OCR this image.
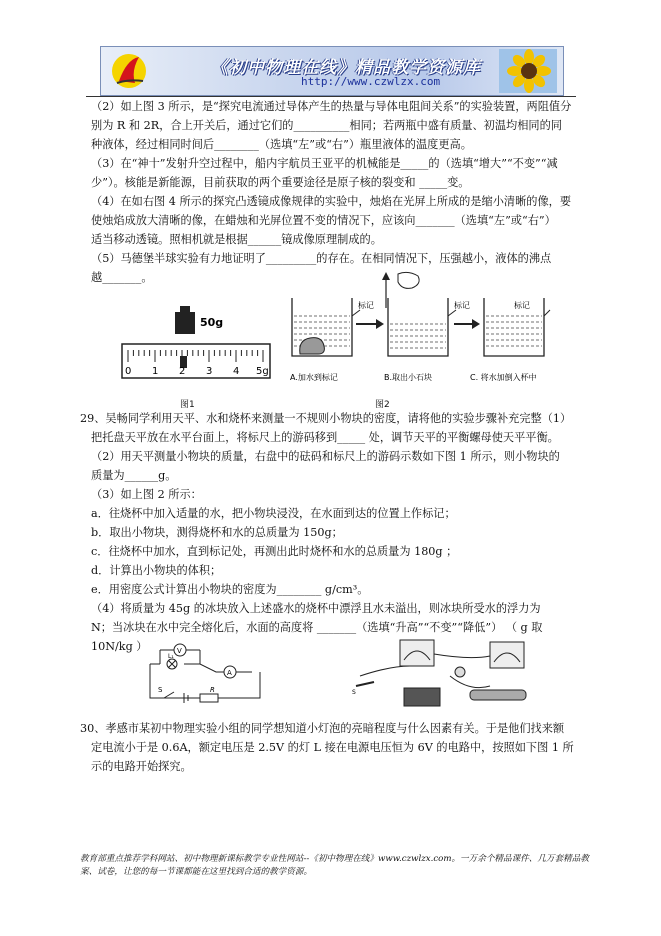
《初中物理在线》精品教学资源库
http://www.czwlzx.com
（2）如上图 3 所示，是“探究电流通过导体产生的热量与导体电阻间关系”的实验装置，两阻值分
别为 R 和 2R，合上开关后，通过它们的__________相同；若两瓶中盛有质量、初温均相同的同
种液体，经过相同时间后________（选填“左”或“右”）瓶里液体的温度更高。
（3）在“神十”发射升空过程中，船内宇航员王亚平的机械能是_____的（选填“增大”“不变”“减
少”）。核能是新能源，目前获取的两个重要途径是原子核的裂变和 _____变。
（4）在如右图 4 所示的探究凸透镜成像规律的实验中，烛焰在光屏上所成的是缩小清晰的像，要
使烛焰成放大清晰的像，在蜡烛和光屏位置不变的情况下，应该向_______（选填“左”或“右”）
适当移动透镜。照相机就是根据______镜成像原理制成的。
（5）马德堡半球实验有力地证明了_________的存在。在相同情况下，压强越小，液体的沸点
越_______。
50g
0 1 2 3 4 5g
图1
标记	标记	标记
A.加水到标记	B.取出小石块	C. 将水加倒入杯中
图2
29、吴畅同学利用天平、水和烧杯来测量一不规则小物块的密度，请将他的实验步骤补充完整（1）
把托盘天平放在水平台面上，将标尺上的游码移到_____ 处，调节天平的平衡螺母使天平平衡。
（2）用天平测量小物块的质量，右盘中的砝码和标尺上的游码示数如下图 1 所示，则小物块的
质量为______g。
（3）如上图 2 所示：
a．往烧杯中加入适量的水，把小物块浸没，在水面到达的位置上作标记；
b．取出小物块，测得烧杯和水的总质量为 150g；
c．往烧杯中加水，直到标记处，再测出此时烧杯和水的总质量为 180g ；
d．计算出小物块的体积；
e．用密度公式计算出小物块的密度为________ g/cm³。
（4）将质量为 45g 的冰块放入上述盛水的烧杯中漂浮且水未溢出，则冰块所受水的浮力为
N；当冰块在水中完全熔化后，水面的高度将 _______（选填“升高”“不变”“降低”） （ g 取
10N/kg ）	V
L₁
A
S	R	S
30、孝感市某初中物理实验小组的同学想知道小灯泡的亮暗程度与什么因素有关。于是他们找来额
定电流小于是 0.6A，额定电压是 2.5V 的灯 L 接在电源电压恒为 6V 的电路中，按照如下图 1 所
示的电路开始探究。
教育部重点推荐学科网站、初中物理新课标教学专业性网站--《初中物理在线》www.czwlzx.com。一万余个精品课件、几万套精品教案、试卷，让您的每一节课都能在这里找到合适的教学资源。
